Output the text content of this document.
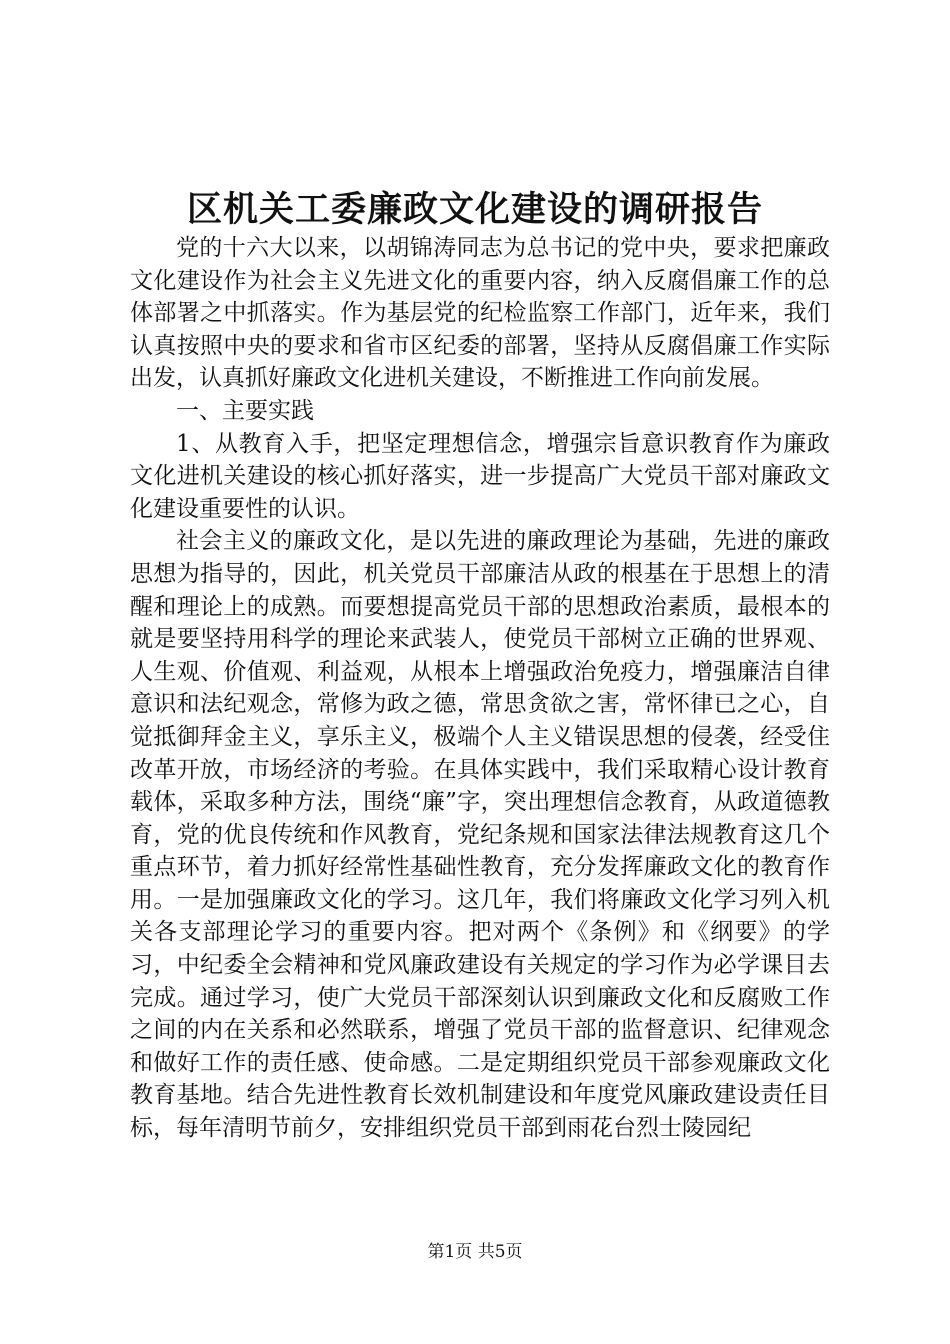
区机关工委廉政文化建设的调研报告

党的十六大以来，以胡锦涛同志为总书记的党中央，要求把廉政文化建设作为社会主义先进文化的重要内容，纳入反腐倡廉工作的总体部署之中抓落实。作为基层党的纪检监察工作部门，近年来，我们认真按照中央的要求和省市区纪委的部署，坚持从反腐倡廉工作实际出发，认真抓好廉政文化进机关建设，不断推进工作向前发展。

一、主要实践

1、从教育入手，把坚定理想信念，增强宗旨意识教育作为廉政文化进机关建设的核心抓好落实，进一步提高广大党员干部对廉政文化建设重要性的认识。

社会主义的廉政文化，是以先进的廉政理论为基础，先进的廉政思想为指导的，因此，机关党员干部廉洁从政的根基在于思想上的清醒和理论上的成熟。而要想提高党员干部的思想政治素质，最根本的就是要坚持用科学的理论来武装人，使党员干部树立正确的世界观、人生观、价值观、利益观，从根本上增强政治免疫力，增强廉洁自律意识和法纪观念，常修为政之德，常思贪欲之害，常怀律已之心，自觉抵御拜金主义，享乐主义，极端个人主义错误思想的侵袭，经受住改革开放，市场经济的考验。在具体实践中，我们采取精心设计教育载体，采取多种方法，围绕“廉”字，突出理想信念教育，从政道德教育，党的优良传统和作风教育，党纪条规和国家法律法规教育这几个重点环节，着力抓好经常性基础性教育，充分发挥廉政文化的教育作用。一是加强廉政文化的学习。这几年，我们将廉政文化学习列入机关各支部理论学习的重要内容。把对两个《条例》和《纲要》的学习，中纪委全会精神和党风廉政建设有关规定的学习作为必学课目去完成。通过学习，使广大党员干部深刻认识到廉政文化和反腐败工作之间的内在关系和必然联系，增强了党员干部的监督意识、纪律观念和做好工作的责任感、使命感。二是定期组织党员干部参观廉政文化教育基地。结合先进性教育长效机制建设和年度党风廉政建设责任目标，每年清明节前夕，安排组织党员干部到雨花台烈士陵园纪

第1页 共5页
